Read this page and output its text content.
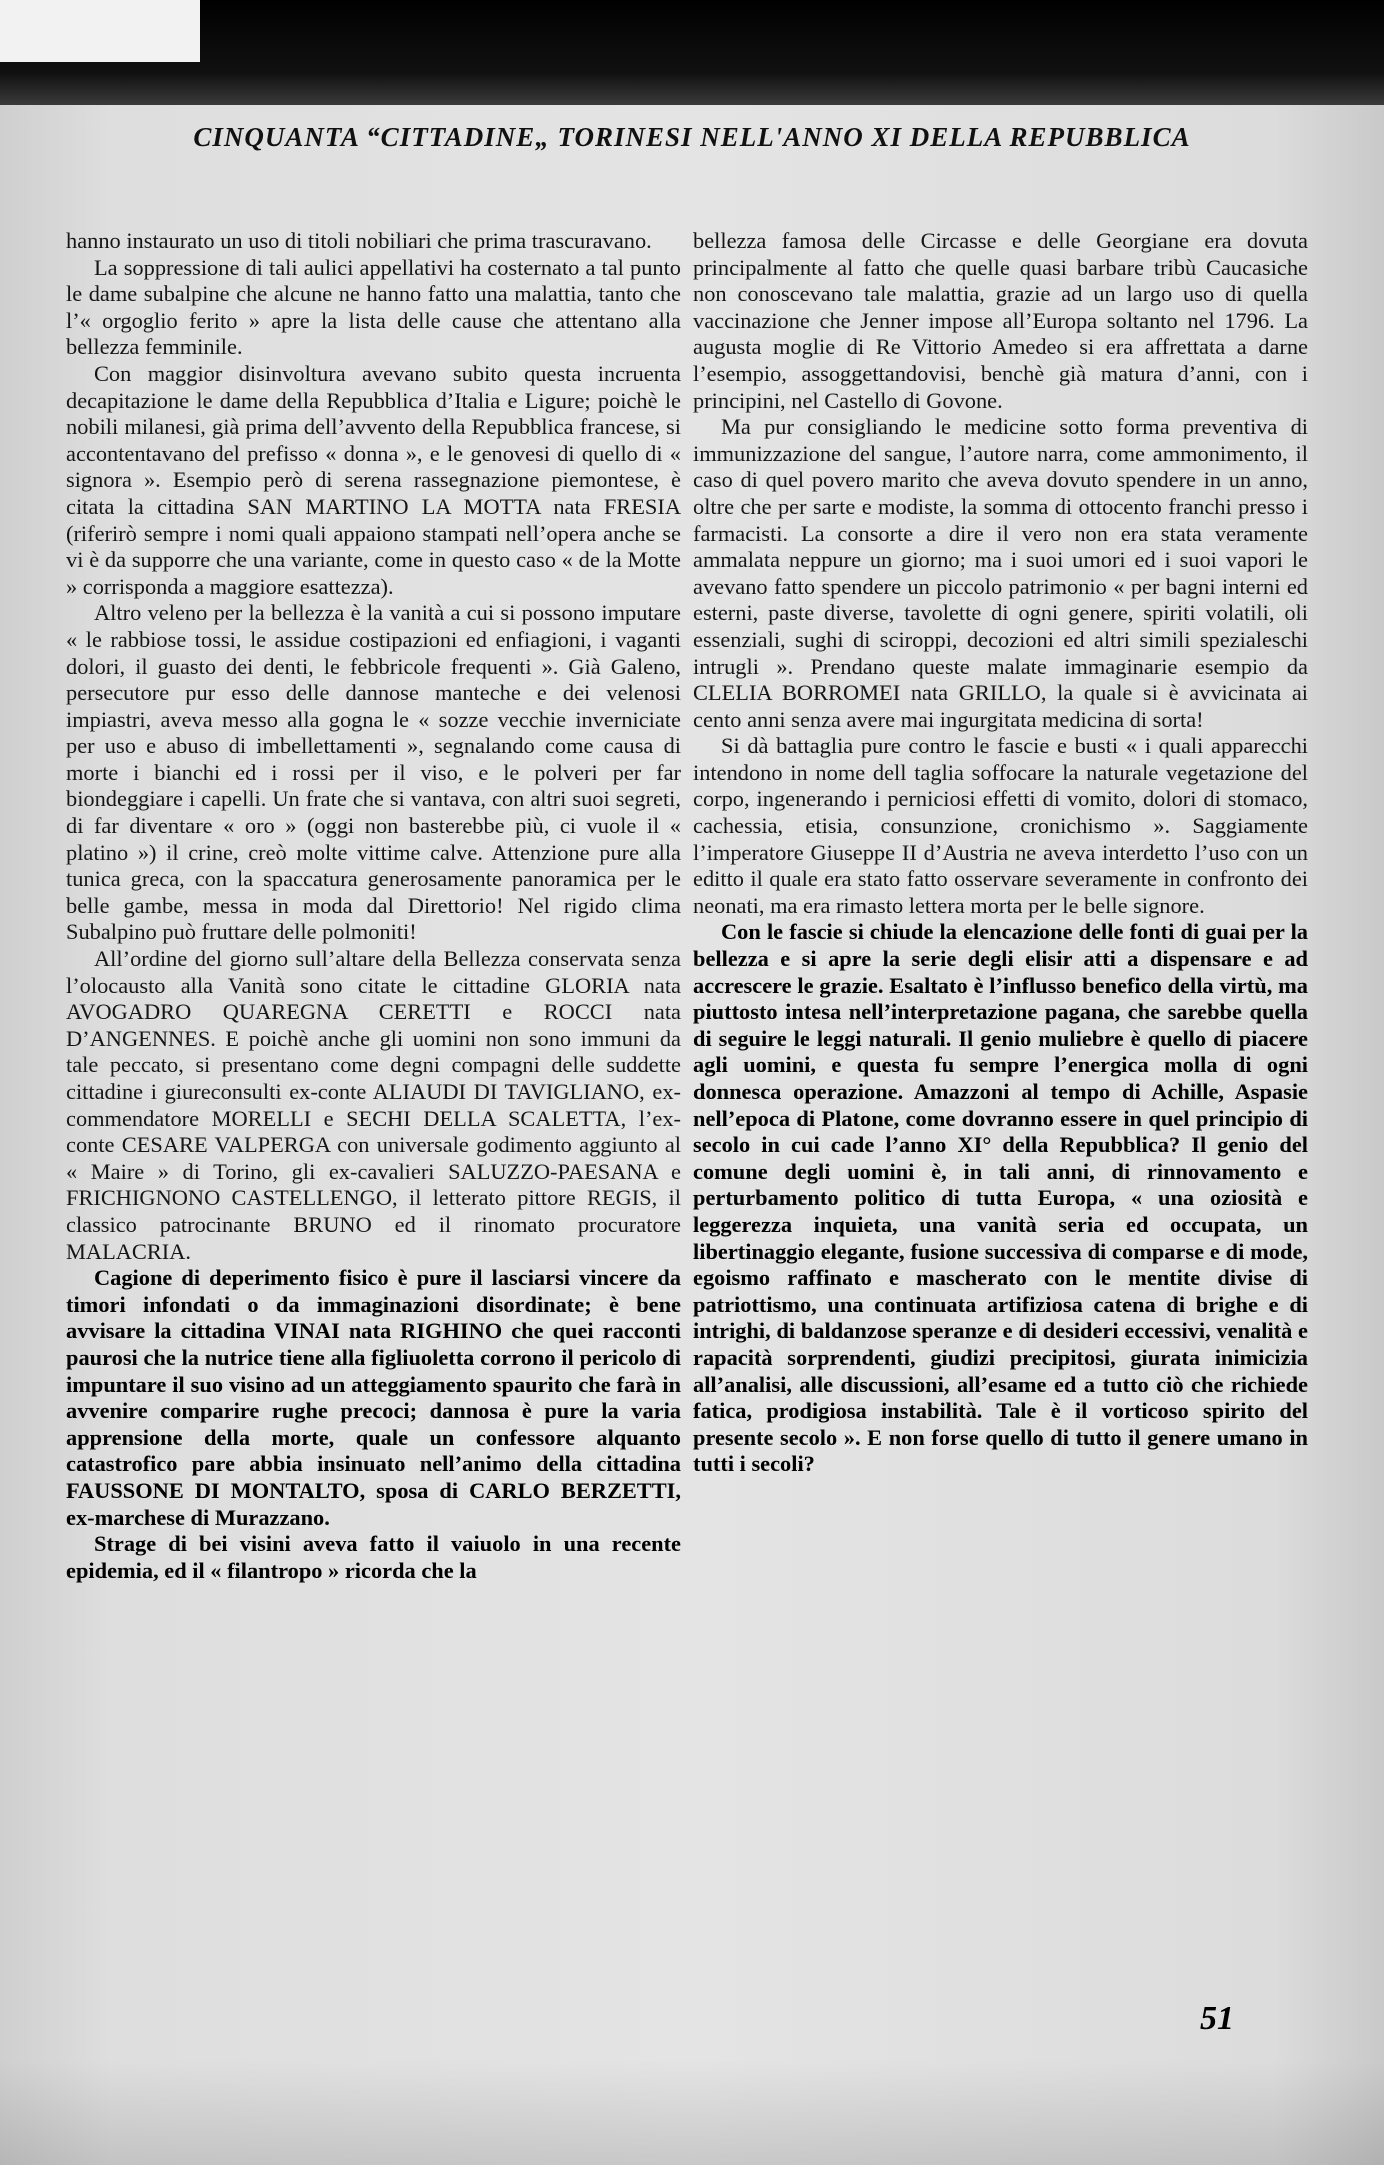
CINQUANTA “CITTADINE„ TORINESI NELL'ANNO XI DELLA REPUBBLICA

hanno instaurato un uso di titoli nobiliari che prima trascuravano.

La soppressione di tali aulici appellativi ha costernato a tal punto le dame subalpine che alcune ne hanno fatto una malattia, tanto che l’« orgoglio ferito » apre la lista delle cause che attentano alla bellezza femminile.

Con maggior disinvoltura avevano subito questa incruenta decapitazione le dame della Repubblica d’Italia e Ligure; poichè le nobili milanesi, già prima dell’avvento della Repubblica francese, si accontentavano del prefisso « donna », e le genovesi di quello di « signora ». Esempio però di serena rassegnazione piemontese, è citata la cittadina SAN MARTINO LA MOTTA nata FRESIA (riferirò sempre i nomi quali appaiono stampati nell’opera anche se vi è da supporre che una variante, come in questo caso « de la Motte » corrisponda a maggiore esattezza).

Altro veleno per la bellezza è la vanità a cui si possono imputare « le rabbiose tossi, le assidue costipazioni ed enfiagioni, i vaganti dolori, il guasto dei denti, le febbricole frequenti ». Già Galeno, persecutore pur esso delle dannose manteche e dei velenosi impiastri, aveva messo alla gogna le « sozze vecchie inverniciate per uso e abuso di imbellettamenti », segnalando come causa di morte i bianchi ed i rossi per il viso, e le polveri per far biondeggiare i capelli. Un frate che si vantava, con altri suoi segreti, di far diventare « oro » (oggi non basterebbe più, ci vuole il « platino ») il crine, creò molte vittime calve. Attenzione pure alla tunica greca, con la spaccatura generosamente panoramica per le belle gambe, messa in moda dal Direttorio! Nel rigido clima Subalpino può fruttare delle polmoniti!

All’ordine del giorno sull’altare della Bellezza conservata senza l’olocausto alla Vanità sono citate le cittadine GLORIA nata AVOGADRO QUAREGNA CERETTI e ROCCI nata D’ANGENNES. E poichè anche gli uomini non sono immuni da tale peccato, si presentano come degni compagni delle suddette cittadine i giureconsulti ex-conte ALIAUDI DI TAVIGLIANO, ex-commendatore MORELLI e SECHI DELLA SCALETTA, l’ex-conte CESARE VALPERGA con universale godimento aggiunto al « Maire » di Torino, gli ex-cavalieri SALUZZO-PAESANA e FRICHIGNONO CASTELLENGO, il letterato pittore REGIS, il classico patrocinante BRUNO ed il rinomato procuratore MALACRIA.

Cagione di deperimento fisico è pure il lasciarsi vincere da timori infondati o da immaginazioni disordinate; è bene avvisare la cittadina VINAI nata RIGHINO che quei racconti paurosi che la nutrice tiene alla figliuoletta corrono il pericolo di impuntare il suo visino ad un atteggiamento spaurito che farà in avvenire comparire rughe precoci; dannosa è pure la varia apprensione della morte, quale un confessore alquanto catastrofico pare abbia insinuato nell’animo della cittadina FAUSSONE DI MONTALTO, sposa di CARLO BERZETTI, ex-marchese di Murazzano.

Strage di bei visini aveva fatto il vaiuolo in una recente epidemia, ed il « filantropo » ricorda che la

bellezza famosa delle Circasse e delle Georgiane era dovuta principalmente al fatto che quelle quasi barbare tribù Caucasiche non conoscevano tale malattia, grazie ad un largo uso di quella vaccinazione che Jenner impose all’Europa soltanto nel 1796. La augusta moglie di Re Vittorio Amedeo si era affrettata a darne l’esempio, assoggettandovisi, benchè già matura d’anni, con i principini, nel Castello di Govone.

Ma pur consigliando le medicine sotto forma preventiva di immunizzazione del sangue, l’autore narra, come ammonimento, il caso di quel povero marito che aveva dovuto spendere in un anno, oltre che per sarte e modiste, la somma di ottocento franchi presso i farmacisti. La consorte a dire il vero non era stata veramente ammalata neppure un giorno; ma i suoi umori ed i suoi vapori le avevano fatto spendere un piccolo patrimonio « per bagni interni ed esterni, paste diverse, tavolette di ogni genere, spiriti volatili, oli essenziali, sughi di sciroppi, decozioni ed altri simili spezialeschi intrugli ». Prendano queste malate immaginarie esempio da CLELIA BORROMEI nata GRILLO, la quale si è avvicinata ai cento anni senza avere mai ingurgitata medicina di sorta!

Si dà battaglia pure contro le fascie e busti « i quali apparecchi intendono in nome dell taglia soffocare la naturale vegetazione del corpo, ingenerando i perniciosi effetti di vomito, dolori di stomaco, cachessia, etisia, consunzione, cronichismo ». Saggiamente l’imperatore Giuseppe II d’Austria ne aveva interdetto l’uso con un editto il quale era stato fatto osservare severamente in confronto dei neonati, ma era rimasto lettera morta per le belle signore.

Con le fascie si chiude la elencazione delle fonti di guai per la bellezza e si apre la serie degli elisir atti a dispensare e ad accrescere le grazie. Esaltato è l’influsso benefico della virtù, ma piuttosto intesa nell’interpretazione pagana, che sarebbe quella di seguire le leggi naturali. Il genio muliebre è quello di piacere agli uomini, e questa fu sempre l’energica molla di ogni donnesca operazione. Amazzoni al tempo di Achille, Aspasie nell’epoca di Platone, come dovranno essere in quel principio di secolo in cui cade l’anno XI° della Repubblica? Il genio del comune degli uomini è, in tali anni, di rinnovamento e perturbamento politico di tutta Europa, « una oziosità e leggerezza inquieta, una vanità seria ed occupata, un libertinaggio elegante, fusione successiva di comparse e di mode, egoismo raffinato e mascherato con le mentite divise di patriottismo, una continuata artifiziosa catena di brighe e di intrighi, di baldanzose speranze e di desideri eccessivi, venalità e rapacità sorprendenti, giudizi precipitosi, giurata inimicizia all’analisi, alle discussioni, all’esame ed a tutto ciò che richiede fatica, prodigiosa instabilità. Tale è il vorticoso spirito del presente secolo ». E non forse quello di tutto il genere umano in tutti i secoli?

51
